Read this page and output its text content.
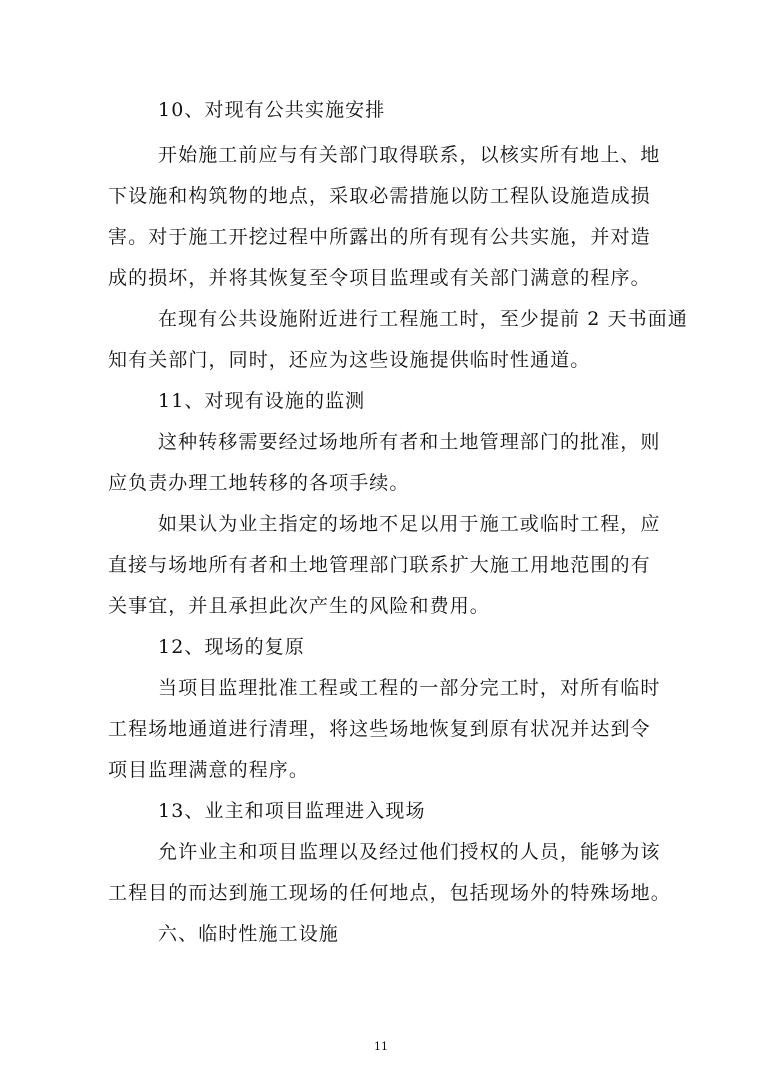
10、对现有公共实施安排
开始施工前应与有关部门取得联系，以核实所有地上、地
下设施和构筑物的地点，采取必需措施以防工程队设施造成损
害。对于施工开挖过程中所露出的所有现有公共实施，并对造
成的损坏，并将其恢复至令项目监理或有关部门满意的程序。
在现有公共设施附近进行工程施工时，至少提前 2 天书面通
知有关部门，同时，还应为这些设施提供临时性通道。
11、对现有设施的监测
这种转移需要经过场地所有者和土地管理部门的批准，则
应负责办理工地转移的各项手续。
如果认为业主指定的场地不足以用于施工或临时工程，应
直接与场地所有者和土地管理部门联系扩大施工用地范围的有
关事宜，并且承担此次产生的风险和费用。
12、现场的复原
当项目监理批准工程或工程的一部分完工时，对所有临时
工程场地通道进行清理，将这些场地恢复到原有状况并达到令
项目监理满意的程序。
13、业主和项目监理进入现场
允许业主和项目监理以及经过他们授权的人员，能够为该
工程目的而达到施工现场的任何地点，包括现场外的特殊场地。
六、临时性施工设施
11
